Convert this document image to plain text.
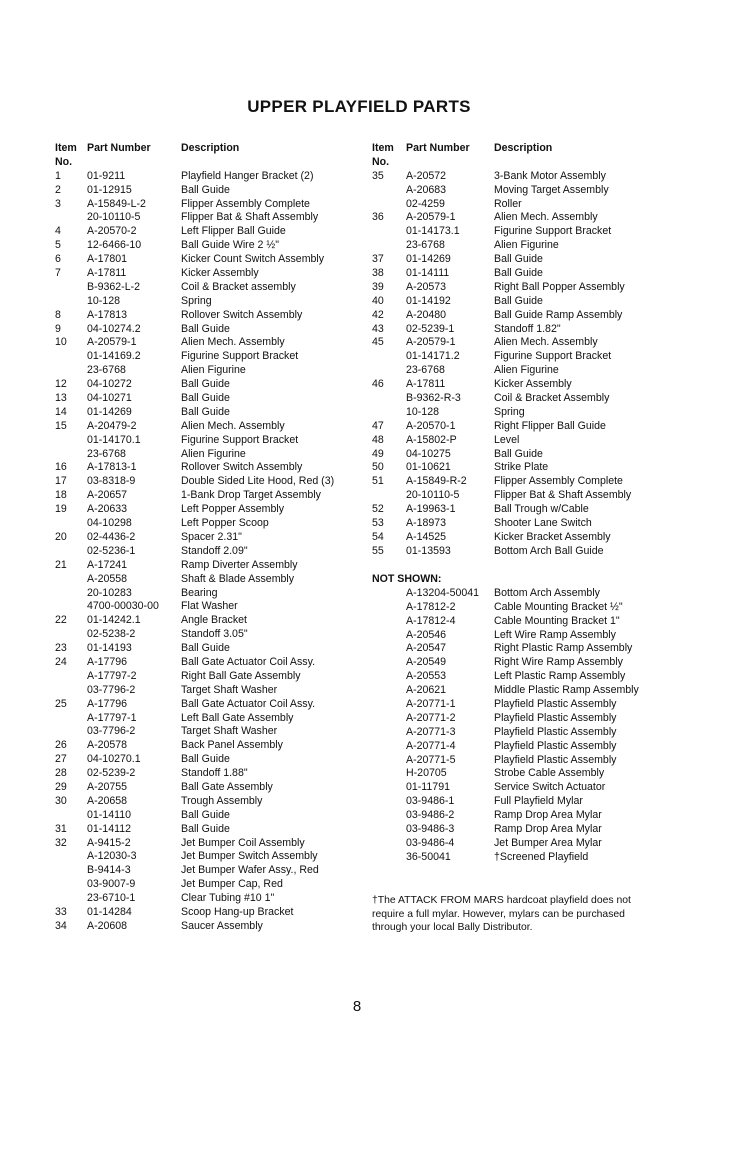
UPPER PLAYFIELD PARTS
Item Part Number	Description
No.
1 01-9211	Playfield Hanger Bracket (2)
2 01-12915	Ball Guide
3 A-15849-L-2	Flipper Assembly Complete
20-10110-5	Flipper Bat & Shaft Assembly
4 A-20570-2	Left Flipper Ball Guide
5 12-6466-10	Ball Guide Wire 2 ½"
6 A-17801	Kicker Count Switch Assembly
7 A-17811	Kicker Assembly
B-9362-L-2	Coil & Bracket assembly
10-128	Spring
8 A-17813	Rollover Switch Assembly
9 04-10274.2	Ball Guide
10 A-20579-1	Alien Mech. Assembly
01-14169.2	Figurine Support Bracket
23-6768	Alien Figurine
12 04-10272	Ball Guide
13 04-10271	Ball Guide
14 01-14269	Ball Guide
15 A-20479-2	Alien Mech. Assembly
01-14170.1	Figurine Support Bracket
23-6768	Alien Figurine
16 A-17813-1	Rollover Switch Assembly
17 03-8318-9	Double Sided Lite Hood, Red (3)
18 A-20657	1-Bank Drop Target Assembly
19 A-20633	Left Popper Assembly
04-10298	Left Popper Scoop
20 02-4436-2	Spacer 2.31"
02-5236-1	Standoff 2.09"
21 A-17241	Ramp Diverter Assembly
A-20558	Shaft & Blade Assembly
20-10283	Bearing
4700-00030-00 Flat Washer
22 01-14242.1	Angle Bracket
02-5238-2	Standoff 3.05"
23 01-14193	Ball Guide
24 A-17796	Ball Gate Actuator Coil Assy.
A-17797-2	Right Ball Gate Assembly
03-7796-2	Target Shaft Washer
25 A-17796	Ball Gate Actuator Coil Assy.
A-17797-1	Left Ball Gate Assembly
03-7796-2	Target Shaft Washer
26 A-20578	Back Panel Assembly
27 04-10270.1	Ball Guide
28 02-5239-2	Standoff 1.88"
29 A-20755	Ball Gate Assembly
30 A-20658	Trough Assembly
01-14110	Ball Guide
31 01-14112	Ball Guide
32 A-9415-2	Jet Bumper Coil Assembly
A-12030-3	Jet Bumper Switch Assembly
B-9414-3	Jet Bumper Wafer Assy., Red
03-9007-9	Jet Bumper Cap, Red
23-6710-1	Clear Tubing #10 1"
33 01-14284	Scoop Hang-up Bracket
34 A-20608	Saucer Assembly
Item Part Number Description
No.
35 A-20572	3-Bank Motor Assembly
A-20683	Moving Target Assembly
02-4259	Roller
36 A-20579-1	Alien Mech. Assembly
01-14173.1	Figurine Support Bracket
23-6768	Alien Figurine
37 01-14269	Ball Guide
38 01-14111	Ball Guide
39 A-20573	Right Ball Popper Assembly
40 01-14192	Ball Guide
42 A-20480	Ball Guide Ramp Assembly
43 02-5239-1	Standoff 1.82"
45 A-20579-1	Alien Mech. Assembly
01-14171.2	Figurine Support Bracket
23-6768	Alien Figurine
46 A-17811	Kicker Assembly
B-9362-R-3	Coil & Bracket Assembly
10-128	Spring
47 A-20570-1	Right Flipper Ball Guide
48 A-15802-P	Level
49 04-10275	Ball Guide
50 01-10621	Strike Plate
51 A-15849-R-2	Flipper Assembly Complete
20-10110-5	Flipper Bat & Shaft Assembly
52 A-19963-1	Ball Trough w/Cable
53 A-18973	Shooter Lane Switch
54 A-14525	Kicker Bracket Assembly
55 01-13593	Bottom Arch Ball Guide
NOT SHOWN:
A-13204-50041 Bottom Arch Assembly
A-17812-2	Cable Mounting Bracket ½"
A-17812-4	Cable Mounting Bracket 1"
A-20546	Left Wire Ramp Assembly
A-20547	Right Plastic Ramp Assembly
A-20549	Right Wire Ramp Assembly
A-20553	Left Plastic Ramp Assembly
A-20621	Middle Plastic Ramp Assembly
A-20771-1	Playfield Plastic Assembly
A-20771-2	Playfield Plastic Assembly
A-20771-3	Playfield Plastic Assembly
A-20771-4	Playfield Plastic Assembly
A-20771-5	Playfield Plastic Assembly
H-20705	Strobe Cable Assembly
01-11791	Service Switch Actuator
03-9486-1	Full Playfield Mylar
03-9486-2	Ramp Drop Area Mylar
03-9486-3	Ramp Drop Area Mylar
03-9486-4	Jet Bumper Area Mylar
36-50041	†Screened Playfield
†The ATTACK FROM MARS hardcoat playfield does not require a full mylar. However, mylars can be purchased through your local Bally Distributor.
8
